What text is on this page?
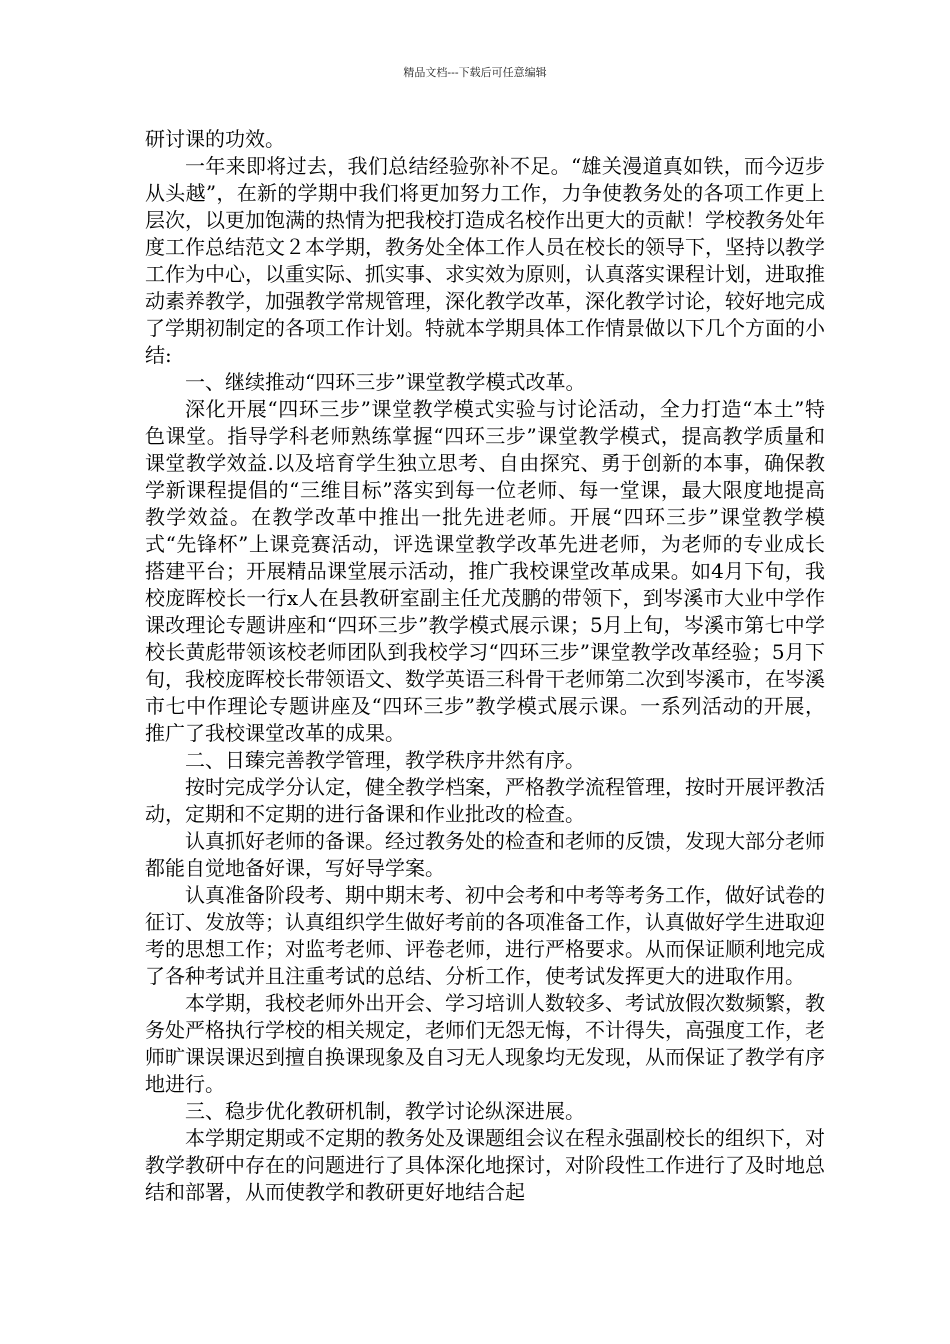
精品文档---下载后可任意编辑

研讨课的功效。

一年来即将过去，我们总结经验弥补不足。“雄关漫道真如铁，而今迈步从头越”，在新的学期中我们将更加努力工作，力争使教务处的各项工作更上层次，以更加饱满的热情为把我校打造成名校作出更大的贡献！学校教务处年度工作总结范文２本学期，教务处全体工作人员在校长的领导下，坚持以教学工作为中心，以重实际、抓实事、求实效为原则，认真落实课程计划，进取推动素养教学，加强教学常规管理，深化教学改革，深化教学讨论，较好地完成了学期初制定的各项工作计划。特就本学期具体工作情景做以下几个方面的小结:

一、继续推动“四环三步”课堂教学模式改革。

深化开展“四环三步”课堂教学模式实验与讨论活动，全力打造“本土”特色课堂。指导学科老师熟练掌握“四环三步”课堂教学模式，提高教学质量和课堂教学效益.以及培育学生独立思考、自由探究、勇于创新的本事，确保教学新课程提倡的“三维目标”落实到每一位老师、每一堂课，最大限度地提高教学效益。在教学改革中推出一批先进老师。开展“四环三步”课堂教学模式“先锋杯”上课竞赛活动，评选课堂教学改革先进老师，为老师的专业成长搭建平台；开展精品课堂展示活动，推广我校课堂改革成果。如4月下旬，我校庞晖校长一行x人在县教研室副主任尤茂鹏的带领下，到岑溪市大业中学作课改理论专题讲座和“四环三步”教学模式展示课；5月上旬，岑溪市第七中学校长黄彪带领该校老师团队到我校学习“四环三步”课堂教学改革经验；5月下旬，我校庞晖校长带领语文、数学英语三科骨干老师第二次到岑溪市，在岑溪市七中作理论专题讲座及“四环三步”教学模式展示课。一系列活动的开展，推广了我校课堂改革的成果。

二、日臻完善教学管理，教学秩序井然有序。

按时完成学分认定，健全教学档案，严格教学流程管理，按时开展评教活动，定期和不定期的进行备课和作业批改的检查。

认真抓好老师的备课。经过教务处的检查和老师的反馈，发现大部分老师都能自觉地备好课，写好导学案。

认真准备阶段考、期中期末考、初中会考和中考等考务工作，做好试卷的征订、发放等；认真组织学生做好考前的各项准备工作，认真做好学生进取迎考的思想工作；对监考老师、评卷老师，进行严格要求。从而保证顺利地完成了各种考试并且注重考试的总结、分析工作，使考试发挥更大的进取作用。

本学期，我校老师外出开会、学习培训人数较多、考试放假次数频繁，教务处严格执行学校的相关规定，老师们无怨无悔，不计得失，高强度工作，老师旷课误课迟到擅自换课现象及自习无人现象均无发现，从而保证了教学有序地进行。

三、稳步优化教研机制，教学讨论纵深进展。

本学期定期或不定期的教务处及课题组会议在程永强副校长的组织下，对教学教研中存在的问题进行了具体深化地探讨，对阶段性工作进行了及时地总结和部署，从而使教学和教研更好地结合起
